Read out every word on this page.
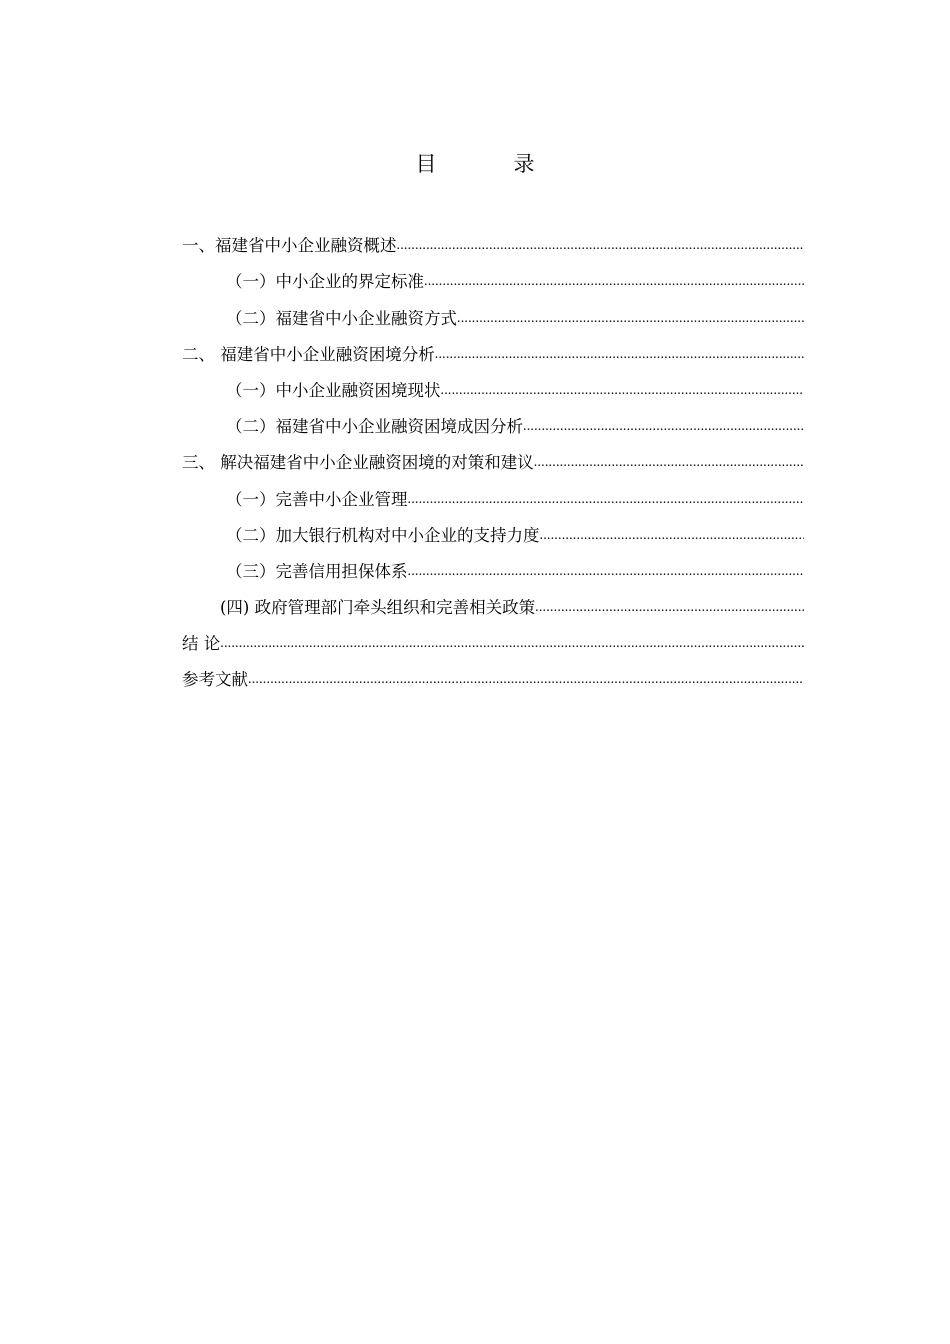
目　录
一、福建省中小企业融资概述
.....
（一）中小企业的界定标准
.....
（二）福建省中小企业融资方式
.....
二、 福建省中小企业融资困境分析
.....
（一）中小企业融资困境现状
.....
（二）福建省中小企业融资困境成因分析
.....
三、 解决福建省中小企业融资困境的对策和建议
.....
（一）完善中小企业管理
.....
（二）加大银行机构对中小企业的支持力度
.....
（三）完善信用担保体系
.....
(四) 政府管理部门牵头组织和完善相关政策
.....
结 论
.....
参考文献
.....
